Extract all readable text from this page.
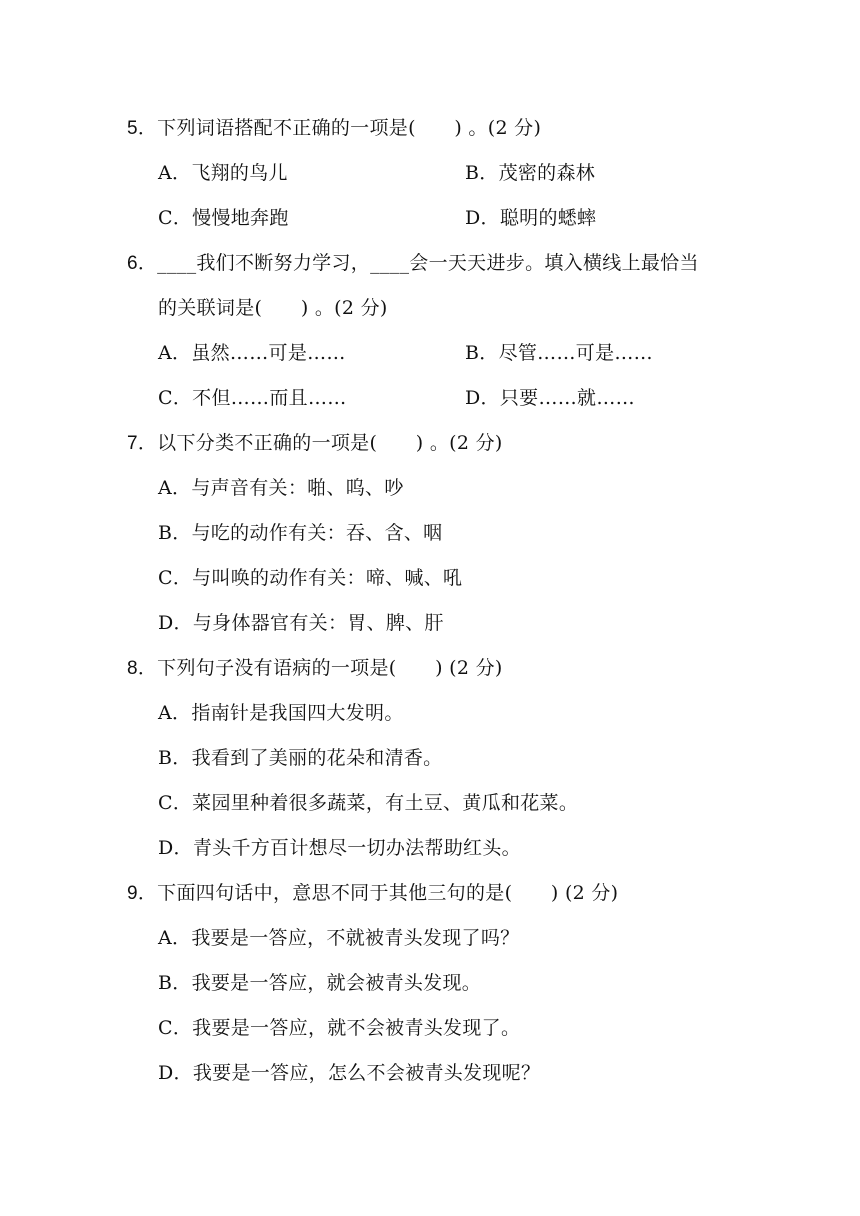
5．下列词语搭配不正确的一项是(　　) 。(2 分)
A．飞翔的鸟儿	B．茂密的森林
C．慢慢地奔跑	D．聪明的蟋蟀
6．____我们不断努力学习，____会一天天进步。填入横线上最恰当
的关联词是(　　) 。(2 分)
A．虽然……可是……	B．尽管……可是……
C．不但……而且……	D．只要……就……
7．以下分类不正确的一项是(　　) 。(2 分)
A．与声音有关：啪、呜、吵
B．与吃的动作有关：吞、含、咽
C．与叫唤的动作有关：啼、喊、吼
D．与身体器官有关：胃、脾、肝
8．下列句子没有语病的一项是(　　) (2 分)
A．指南针是我国四大发明。
B．我看到了美丽的花朵和清香。
C．菜园里种着很多蔬菜，有土豆、黄瓜和花菜。
D．青头千方百计想尽一切办法帮助红头。
9．下面四句话中，意思不同于其他三句的是(　　) (2 分)
A．我要是一答应，不就被青头发现了吗？
B．我要是一答应，就会被青头发现。
C．我要是一答应，就不会被青头发现了。
D．我要是一答应，怎么不会被青头发现呢？
